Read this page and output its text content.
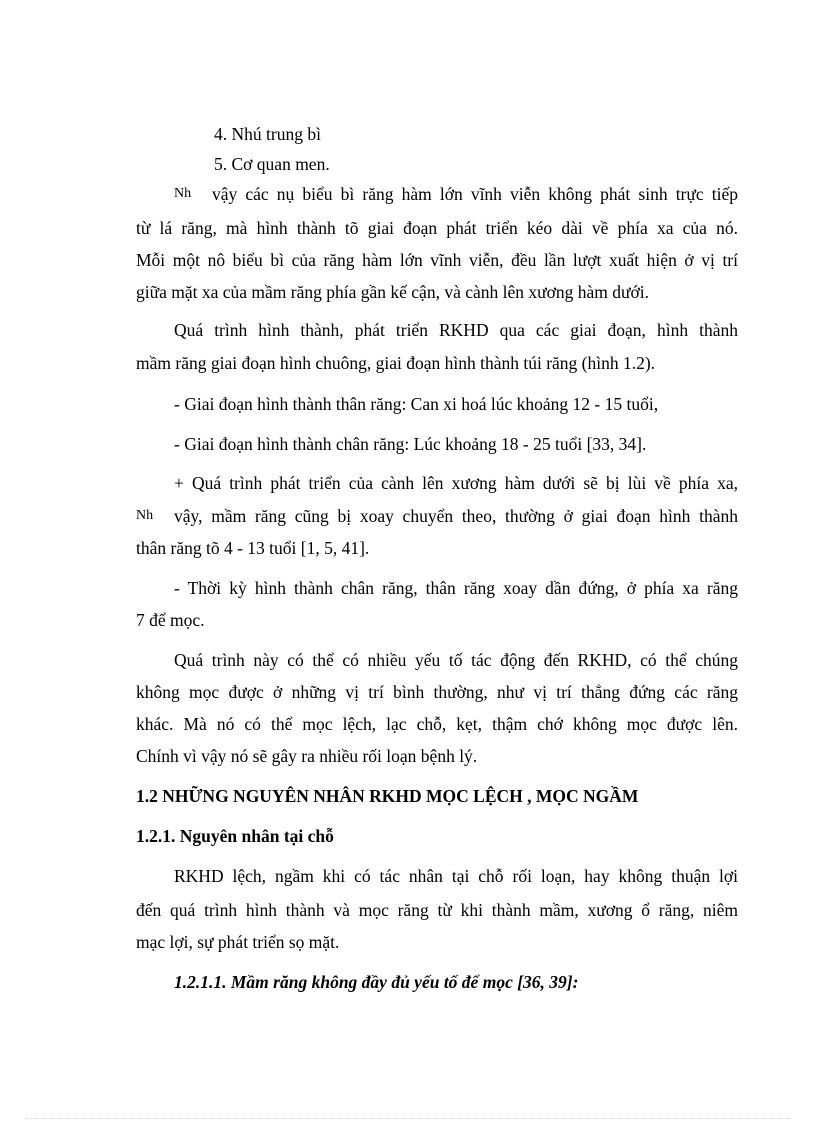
4. Nhú trung bì
5. Cơ quan men.
Nh vậy các nụ biểu bì răng hàm lớn vĩnh viễn không phát sinh trực tiếp
từ lá răng, mà hình thành tõ giai đoạn phát triển kéo dài về phía xa của nó.
Mỗi một nô biểu bì của răng hàm lớn vĩnh viễn, đều lần lượt xuất hiện ở vị trí
giữa mặt xa của mầm răng phía gần kế cận, và cành lên xương hàm dưới.
Quá trình hình thành, phát triển RKHD qua các giai đoạn, hình thành
mầm răng giai đoạn hình chuông, giai đoạn hình thành túi răng (hình 1.2).
- Giai đoạn hình thành thân răng: Can xi hoá lúc khoảng 12 - 15 tuổi,
- Giai đoạn hình thành chân răng: Lúc khoảng 18 - 25 tuổi [33, 34].
+ Quá trình phát triển của cành lên xương hàm dưới sẽ bị lùi về phía xa,
Nh vậy, mầm răng cũng bị xoay chuyển theo, thường ở giai đoạn hình thành
thân răng tõ 4 - 13 tuổi [1, 5, 41].
- Thời kỳ hình thành chân răng, thân răng xoay dần đứng, ở phía xa răng
7 để mọc.
Quá trình này có thể có nhiều yếu tố tác động đến RKHD, có thể chúng
không mọc được ở những vị trí bình thường, như vị trí thẳng đứng các răng
khác. Mà nó có thể mọc lệch, lạc chỗ, kẹt, thậm chớ không mọc được lên.
Chính vì vậy nó sẽ gây ra nhiều rối loạn bệnh lý.
1.2 NHỮNG NGUYÊN NHÂN RKHD MỌC LỆCH , MỌC NGẦM
1.2.1. Nguyên nhân tại chỗ
RKHD lệch, ngầm khi có tác nhân tại chỗ rối loạn, hay không thuận lợi
đến quá trình hình thành và mọc răng từ khi thành mầm, xương ổ răng, niêm
mạc lợi, sự phát triển sọ mặt.
1.2.1.1. Mầm răng không đầy đủ yếu tố để mọc [36, 39]:
